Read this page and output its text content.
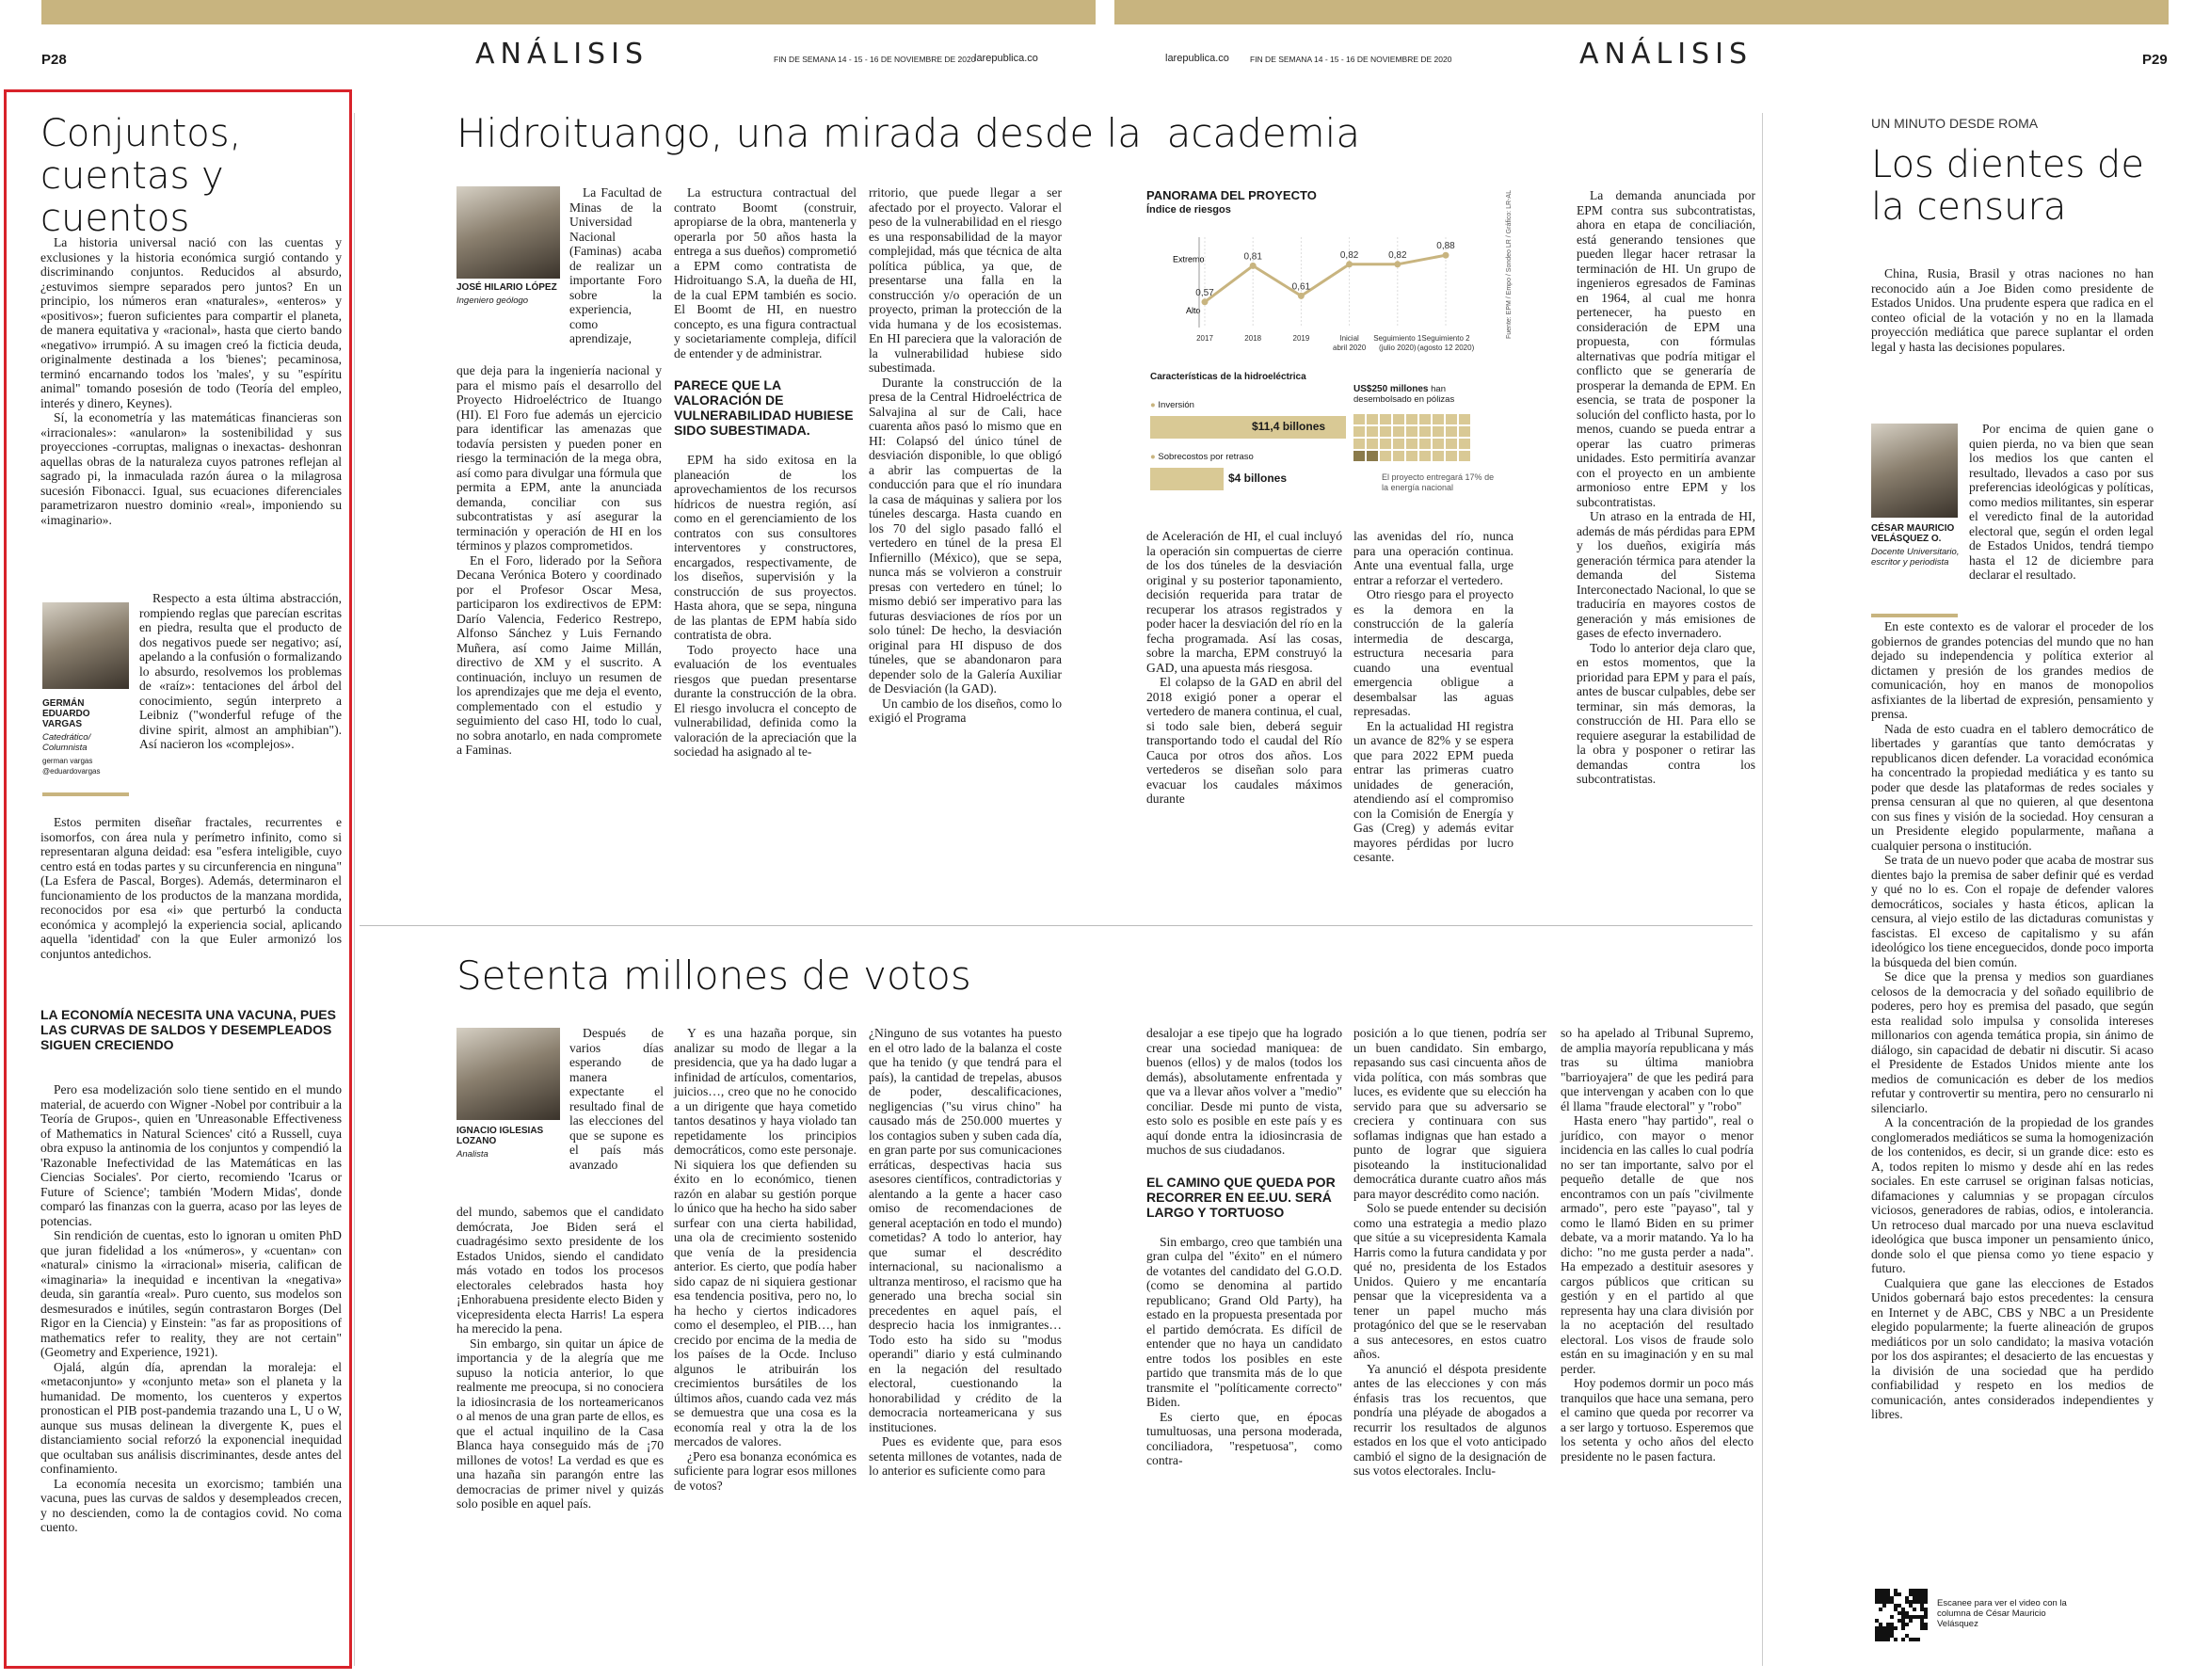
P28	ANÁLISIS	FIN DE SEMANA 14 - 15 - 16 DE NOVIEMBRE DE 2020
larepublica.co	larepublica.co	FIN DE SEMANA 14 - 15 - 16 DE NOVIEMBRE DE 2020	ANÁLISIS	P29
Conjuntos, cuentas y cuentos

La historia universal nació con las cuentas y exclusiones y la historia económica surgió contando y discriminando conjuntos. Reducidos al absurdo, ¿estuvimos siempre separados pero juntos? En un principio, los números eran «naturales», «enteros» y «positivos»; fueron suficientes para compartir el planeta, de manera equitativa y «racional», hasta que cierto bando «negativo» irrumpió. A su imagen creó la ficticia deuda, originalmente destinada a los 'bienes'; pecaminosa, terminó encarnando todos los 'males', y su "espíritu animal" tomando posesión de todo (Teoría del empleo, interés y dinero, Keynes).

Sí, la econometría y las matemáticas financieras son «irracionales»: «anularon» la sostenibilidad y sus proyecciones -corruptas, malignas o inexactas- deshonran aquellas obras de la naturaleza cuyos patrones reflejan al sagrado pi, la inmaculada razón áurea o la milagrosa sucesión Fibonacci. Igual, sus ecuaciones diferenciales parametrizaron nuestro dominio «real», imponiendo su «imaginario».

GERMÁN EDUARDO VARGAS
Catedrático/ Columnista
german vargas @eduardovargas

Respecto a esta última abstracción, rompiendo reglas que parecían escritas en piedra, resulta que el producto de dos negativos puede ser negativo; así, apelando a la confusión o formalizando lo absurdo, resolvemos los problemas de «raíz»: tentaciones del árbol del conocimiento, según interpreto a Leibniz ("wonderful refuge of the divine spirit, almost an amphibian"). Así nacieron los «complejos».

Estos permiten diseñar fractales, recurrentes e isomorfos, con área nula y perímetro infinito, como si representaran alguna deidad: esa "esfera inteligible, cuyo centro está en todas partes y su circunferencia en ninguna" (La Esfera de Pascal, Borges). Además, determinaron el funcionamiento de los productos de la manzana mordida, reconocidos por esa «i» que perturbó la conducta económica y acomplejó la experiencia social, aplicando aquella 'identidad' con la que Euler armonizó los conjuntos antedichos.

LA ECONOMÍA NECESITA UNA VACUNA, PUES LAS CURVAS DE SALDOS Y DESEMPLEADOS SIGUEN CRECIENDO

Pero esa modelización solo tiene sentido en el mundo material, de acuerdo con Wigner -Nobel por contribuir a la Teoría de Grupos-, quien en 'Unreasonable Effectiveness of Mathematics in Natural Sciences' citó a Russell, cuya obra expuso la antinomia de los conjuntos y compendió la 'Razonable Inefectividad de las Matemáticas en las Ciencias Sociales'. Por cierto, recomiendo 'Icarus or Future of Science'; también 'Modern Midas', donde comparó las finanzas con la guerra, acaso por las leyes de potencias.

Sin rendición de cuentas, esto lo ignoran u omiten PhD que juran fidelidad a los «números», y «cuentan» con «natural» cinismo la «irracional» miseria, califican de «imaginaria» la inequidad e incentivan la «negativa» deuda, sin garantía «real». Puro cuento, sus modelos son desmesurados e inútiles, según contrastaron Borges (Del Rigor en la Ciencia) y Einstein: "as far as propositions of mathematics refer to reality, they are not certain" (Geometry and Experience, 1921).

Ojalá, algún día, aprendan la moraleja: el «metaconjunto» y «conjunto meta» son el planeta y la humanidad. De momento, los cuenteros y expertos pronostican el PIB post-pandemia trazando una L, U o W, aunque sus musas delinean la divergente K, pues el distanciamiento social reforzó la exponencial inequidad que ocultaban sus análisis discriminantes, desde antes del confinamiento.

La economía necesita un exorcismo; también una vacuna, pues las curvas de saldos y desempleados crecen, y no descienden, como la de contagios covid. No coma cuento.

Hidroituango, una mirada desde la  academia
JOSÉ HILARIO LÓPEZ
Ingeniero geólogo

La Facultad de Minas de la Universidad Nacional (Faminas) acaba de realizar un importante Foro sobre la experiencia, como aprendizaje,

que deja para la ingeniería nacional y para el mismo país el desarrollo del Proyecto Hidroeléctrico de Ituango (HI). El Foro fue además un ejercicio para identificar las amenazas que todavía persisten y pueden poner en riesgo la terminación de la mega obra, así como para divulgar una fórmula que permita a EPM, ante la anunciada demanda, conciliar con sus subcontratistas y así asegurar la terminación y operación de HI en los términos y plazos comprometidos.

En el Foro, liderado por la Señora Decana Verónica Botero y coordinado por el Profesor Oscar Mesa, participaron los exdirectivos de EPM: Darío Valencia, Federico Restrepo, Alfonso Sánchez y Luis Fernando Muñera, así como Jaime Millán, directivo de XM y el suscrito. A continuación, incluyo un resumen de los aprendizajes que me deja el evento, complementado con el estudio y seguimiento del caso HI, todo lo cual, no sobra anotarlo, en nada compromete a Faminas.

La estructura contractual del contrato Boomt (construir, apropiarse de la obra, mantenerla y operarla por 50 años hasta la entrega a sus dueños) comprometió a EPM como contratista de Hidroituango S.A, la dueña de HI, de la cual EPM también es socio. El Boomt de HI, en nuestro concepto, es una figura contractual y societariamente compleja, difícil de entender y de administrar.

PARECE QUE LA VALORACIÓN DE VULNERABILIDAD HUBIESE SIDO SUBESTIMADA.

EPM ha sido exitosa en la planeación de los aprovechamientos de los recursos hídricos de nuestra región, así como en el gerenciamiento de los contratos con sus consultores interventores y constructores, encargados, respectivamente, de los diseños, supervisión y la construcción de sus proyectos. Hasta ahora, que se sepa, ninguna de las plantas de EPM había sido contratista de obra.

Todo proyecto hace una evaluación de los eventuales riesgos que puedan presentarse durante la construcción de la obra. El riesgo involucra el concepto de vulnerabilidad, definida como la valoración de la apreciación que la sociedad ha asignado al te-

rritorio, que puede llegar a ser afectado por el proyecto. Valorar el peso de la vulnerabilidad en el riesgo es una responsabilidad de la mayor complejidad, más que técnica de alta política pública, ya que, de presentarse una falla en la construcción y/o operación de un proyecto, priman la protección de la vida humana y de los ecosistemas. En HI pareciera que la valoración de la vulnerabilidad hubiese sido subestimada.

Durante la construcción de la presa de la Central Hidroeléctrica de Salvajina al sur de Cali, hace cuarenta años pasó lo mismo que en HI: Colapsó del único túnel de desviación disponible, lo que obligó a abrir las compuertas de la conducción para que el río inundara la casa de máquinas y saliera por los túneles descarga. Hasta cuando en los 70 del siglo pasado falló el vertedero en túnel de la presa El Infiernillo (México), que se sepa, nunca más se volvieron a construir presas con vertedero en túnel; lo mismo debió ser imperativo para las futuras desviaciones de ríos por un solo túnel: De hecho, la desviación original para HI dispuso de dos túneles, que se abandonaron para depender solo de la Galería Auxiliar de Desviación (la GAD).

Un cambio de los diseños, como lo exigió el Programa

PANORAMA DEL PROYECTO
Índice de riesgos
Extremo
Alto
0,57
0,81
0,61
0,82	0,82
0,88
2017	2018	2019	Inicial abril 2020
Seguimiento 1 (julio 2020)
Seguimiento 2 (agosto 12 2020)
Características de la hidroeléctrica
● Inversión
$11,4 billones
● Sobrecostos por retraso
$4 billones
US$250 millones han desembolsado en pólizas
El proyecto entregará 17% de la energía nacional
Fuente: EPM / Empo / Sondeo LR / Gráfico: LR-AL

de Aceleración de HI, el cual incluyó la operación sin compuertas de cierre de los dos túneles de la desviación original y su posterior taponamiento, decisión requerida para tratar de recuperar los atrasos registrados y poder hacer la desviación del río en la fecha programada. Así las cosas, sobre la marcha, EPM construyó la GAD, una apuesta más riesgosa.

El colapso de la GAD en abril del 2018 exigió poner a operar el vertedero de manera continua, el cual, si todo sale bien, deberá seguir transportando todo el caudal del Río Cauca por otros dos años. Los vertederos se diseñan solo para evacuar los caudales máximos durante

las avenidas del río, nunca para una operación continua. Ante una eventual falla, urge entrar a reforzar el vertedero.

Otro riesgo para el proyecto es la demora en la construcción de la galería intermedia de descarga, estructura necesaria para cuando una eventual emergencia obligue a desembalsar las aguas represadas.

En la actualidad HI registra un avance de 82% y se espera que para 2022 EPM pueda entrar las primeras cuatro unidades de generación, atendiendo así el compromiso con la Comisión de Energía y Gas (Creg) y además evitar mayores pérdidas por lucro cesante.

La demanda anunciada por EPM contra sus subcontratistas, ahora en etapa de conciliación, está generando tensiones que pueden llegar hacer retrasar la terminación de HI. Un grupo de ingenieros egresados de Faminas en 1964, al cual me honra pertenecer, ha puesto en consideración de EPM una propuesta, con fórmulas alternativas que podría mitigar el conflicto que se generaría de prosperar la demanda de EPM. En esencia, se trata de posponer la solución del conflicto hasta, por lo menos, cuando se pueda entrar a operar las cuatro primeras unidades. Esto permitiría avanzar con el proyecto en un ambiente armonioso entre EPM y los subcontratistas.

Un atraso en la entrada de HI, además de más pérdidas para EPM y los dueños, exigiría más generación térmica para atender la demanda del Sistema Interconectado Nacional, lo que se traduciría en mayores costos de generación y más emisiones de gases de efecto invernadero.

Todo lo anterior deja claro que, en estos momentos, que la prioridad para EPM y para el país, antes de buscar culpables, debe ser terminar, sin más demoras, la construcción de HI. Para ello se requiere asegurar la estabilidad de la obra y posponer o retirar las demandas contra los subcontratistas.

Setenta millones de votos
IGNACIO IGLESIAS LOZANO
Analista

Después de varios días esperando de manera expectante el resultado final de las elecciones del que se supone es el país más avanzado

del mundo, sabemos que el candidato demócrata, Joe Biden será el cuadragésimo sexto presidente de los Estados Unidos, siendo el candidato más votado en todos los procesos electorales celebrados hasta hoy ¡Enhorabuena presidente electo Biden y vicepresidenta electa Harris! La espera ha merecido la pena.

Sin embargo, sin quitar un ápice de importancia y de la alegría que me supuso la noticia anterior, lo que realmente me preocupa, si no conociera la idiosincrasia de los norteamericanos o al menos de una gran parte de ellos, es que el actual inquilino de la Casa Blanca haya conseguido más de ¡70 millones de votos! La verdad es que es una hazaña sin parangón entre las democracias de primer nivel y quizás solo posible en aquel país.

Y es una hazaña porque, sin analizar su modo de llegar a la presidencia, que ya ha dado lugar a infinidad de artículos, comentarios, juicios…, creo que no he conocido a un dirigente que haya cometido tantos desatinos y haya violado tan repetidamente los principios democráticos, como este personaje. Ni siquiera los que defienden su éxito en lo económico, tienen razón en alabar su gestión porque lo único que ha hecho ha sido saber surfear con una cierta habilidad, una ola de crecimiento sostenido que venía de la presidencia anterior. Es cierto, que podía haber sido capaz de ni siquiera gestionar esa tendencia positiva, pero no, lo ha hecho y ciertos indicadores como el desempleo, el PIB…, han crecido por encima de la media de los países de la Ocde. Incluso algunos le atribuirán los crecimientos bursátiles de los últimos años, cuando cada vez más se demuestra que una cosa es la economía real y otra la de los mercados de valores.

¿Pero esa bonanza económica es suficiente para lograr esos millones de votos?

¿Ninguno de sus votantes ha puesto en el otro lado de la balanza el coste que ha tenido (y que tendrá para el país), la cantidad de trepelas, abusos de poder, descalificaciones, negligencias ("su virus chino" ha causado más de 250.000 muertes y los contagios suben y suben cada día, en gran parte por sus comunicaciones erráticas, despectivas hacia sus asesores científicos, contradictorias y alentando a la gente a hacer caso omiso de recomendaciones de general aceptación en todo el mundo) cometidas? A todo lo anterior, hay que sumar el descrédito internacional, su nacionalismo a ultranza mentiroso, el racismo que ha generado una brecha social sin precedentes en aquel país, el desprecio hacia los inmigrantes… Todo esto ha sido su "modus operandi" diario y está culminando en la negación del resultado electoral, cuestionando la honorabilidad y crédito de la democracia norteamericana y sus instituciones.

Pues es evidente que, para esos setenta millones de votantes, nada de lo anterior es suficiente como para

desalojar a ese tipejo que ha logrado crear una sociedad maniquea: de buenos (ellos) y de malos (todos los demás), absolutamente enfrentada y que va a llevar años volver a "medio" conciliar. Desde mi punto de vista, esto solo es posible en este país y es aquí donde entra la idiosincrasia de muchos de sus ciudadanos.

EL CAMINO QUE QUEDA POR RECORRER EN EE.UU. SERÁ LARGO Y TORTUOSO

Sin embargo, creo que también una gran culpa del "éxito" en el número de votantes del candidato del G.O.D. (como se denomina al partido republicano; Grand Old Party), ha estado en la propuesta presentada por el partido demócrata. Es difícil de entender que no haya un candidato entre todos los posibles en este partido que transmita más de lo que transmite el "políticamente correcto" Biden.

Es cierto que, en épocas tumultuosas, una persona moderada, conciliadora, "respetuosa", como contra-

posición a lo que tienen, podría ser un buen candidato. Sin embargo, repasando sus casi cincuenta años de vida política, con más sombras que luces, es evidente que su elección ha servido para que su adversario se creciera y continuara con sus soflamas indignas que han estado a punto de lograr que siguiera pisoteando la institucionalidad democrática durante cuatro años más para mayor descrédito como nación.

Solo se puede entender su decisión como una estrategia a medio plazo que sitúe a su vicepresidenta Kamala Harris como la futura candidata y por qué no, presidenta de los Estados Unidos. Quiero y me encantaría pensar que la vicepresidenta va a tener un papel mucho más protagónico del que se le reservaban a sus antecesores, en estos cuatro años.

Ya anunció el déspota presidente antes de las elecciones y con más énfasis tras los recuentos, que pondría una pléyade de abogados a recurrir los resultados de algunos estados en los que el voto anticipado cambió el signo de la designación de sus votos electorales. Inclu-

so ha apelado al Tribunal Supremo, de amplia mayoría republicana y más tras su última maniobra "barrioyajera" de que les pedirá para que intervengan y acaben con lo que él llama "fraude electoral" y "robo"

Hasta enero "hay partido", real o jurídico, con mayor o menor incidencia en las calles lo cual podría no ser tan importante, salvo por el pequeño detalle de que nos encontramos con un país "civilmente armado", pero este "payaso", tal y como le llamó Biden en su primer debate, va a morir matando. Ya lo ha dicho: "no me gusta perder a nada". Ha empezado a destituir asesores y cargos públicos que critican su gestión y en el partido al que representa hay una clara división por la no aceptación del resultado electoral. Los visos de fraude solo están en su imaginación y en su mal perder.

Hoy podemos dormir un poco más tranquilos que hace una semana, pero el camino que queda por recorrer va a ser largo y tortuoso. Esperemos que los setenta y ocho años del electo presidente no le pasen factura.

UN MINUTO DESDE ROMA
Los dientes de la censura

China, Rusia, Brasil y otras naciones no han reconocido aún a Joe Biden como presidente de Estados Unidos. Una prudente espera que radica en el conteo oficial de la votación y no en la llamada proyección mediática que parece suplantar el orden legal y hasta las decisiones populares.

CÉSAR MAURICIO VELÁSQUEZ O.
Docente Universitario, escritor y periodista

Por encima de quien gane o quien pierda, no va bien que sean los medios los que canten el resultado, llevados a caso por sus preferencias ideológicas y políticas, como medios militantes, sin esperar el veredicto final de la autoridad electoral que, según el orden legal de Estados Unidos, tendrá tiempo hasta el 12 de diciembre para declarar el resultado.

En este contexto es de valorar el proceder de los gobiernos de grandes potencias del mundo que no han dejado su independencia y política exterior al dictamen y presión de los grandes medios de comunicación, hoy en manos de monopolios asfixiantes de la libertad de expresión, pensamiento y prensa.

Nada de esto cuadra en el tablero democrático de libertades y garantías que tanto demócratas y republicanos dicen defender. La voracidad económica ha concentrado la propiedad mediática y es tanto su poder que desde las plataformas de redes sociales y prensa censuran al que no quieren, al que desentona con sus fines y visión de la sociedad. Hoy censuran a un Presidente elegido popularmente, mañana a cualquier persona o institución.

Se trata de un nuevo poder que acaba de mostrar sus dientes bajo la premisa de saber definir qué es verdad y qué no lo es. Con el ropaje de defender valores democráticos, sociales y hasta éticos, aplican la censura, al viejo estilo de las dictaduras comunistas y fascistas. El exceso de capitalismo y su afán ideológico los tiene enceguecidos, donde poco importa la búsqueda del bien común.

Se dice que la prensa y medios son guardianes celosos de la democracia y del soñado equilibrio de poderes, pero hoy es premisa del pasado, que según esta realidad solo impulsa y consolida intereses millonarios con agenda temática propia, sin ánimo de diálogo, sin capacidad de debatir ni discutir. Si acaso el Presidente de Estados Unidos miente ante los medios de comunicación es deber de los medios refutar y controvertir su mentira, pero no censurarlo ni silenciarlo.

A la concentración de la propiedad de los grandes conglomerados mediáticos se suma la homogenización de los contenidos, es decir, si un grande dice: esto es A, todos repiten lo mismo y desde ahí en las redes sociales. En este carrusel se originan falsas noticias, difamaciones y calumnias y se propagan círculos viciosos, generadores de rabias, odios, e intolerancia. Un retroceso dual marcado por una nueva esclavitud ideológica que busca imponer un pensamiento único, donde solo el que piensa como yo tiene espacio y futuro.

Cualquiera que gane las elecciones de Estados Unidos gobernará bajo estos precedentes: la censura en Internet y de ABC, CBS y NBC a un Presidente elegido popularmente; la fuerte alineación de grupos mediáticos por un solo candidato; la masiva votación por los dos aspirantes; el desacierto de las encuestas y la división de una sociedad que ha perdido confiabilidad y respeto en los medios de comunicación, antes considerados independientes y libres.

Escanee para ver el video con la columna de César Mauricio Velásquez
